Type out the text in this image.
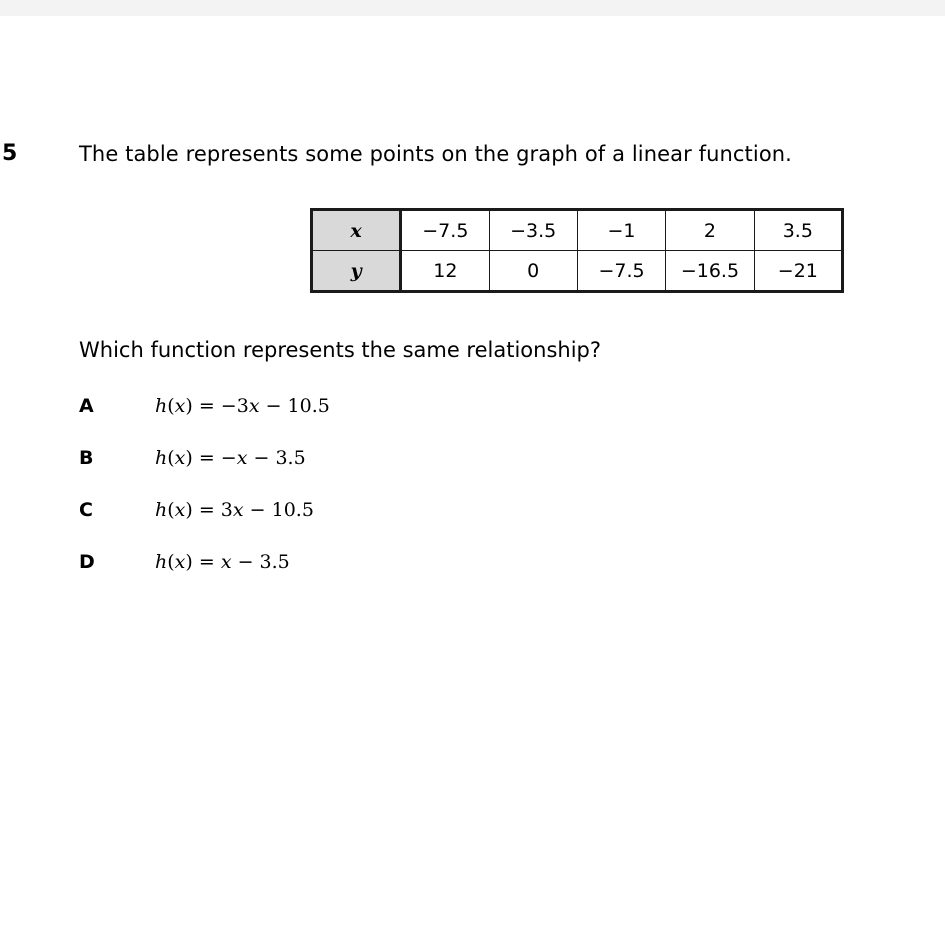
5	The table represents some points on the graph of a linear function.
x	−7.5	−3.5	−1	2	3.5
y	12	0	−7.5	−16.5	−21
Which function represents the same relationship?
A	h(x) = −3x − 10.5
B	h(x) = −x − 3.5
C	h(x) = 3x − 10.5
D	h(x) = x − 3.5
